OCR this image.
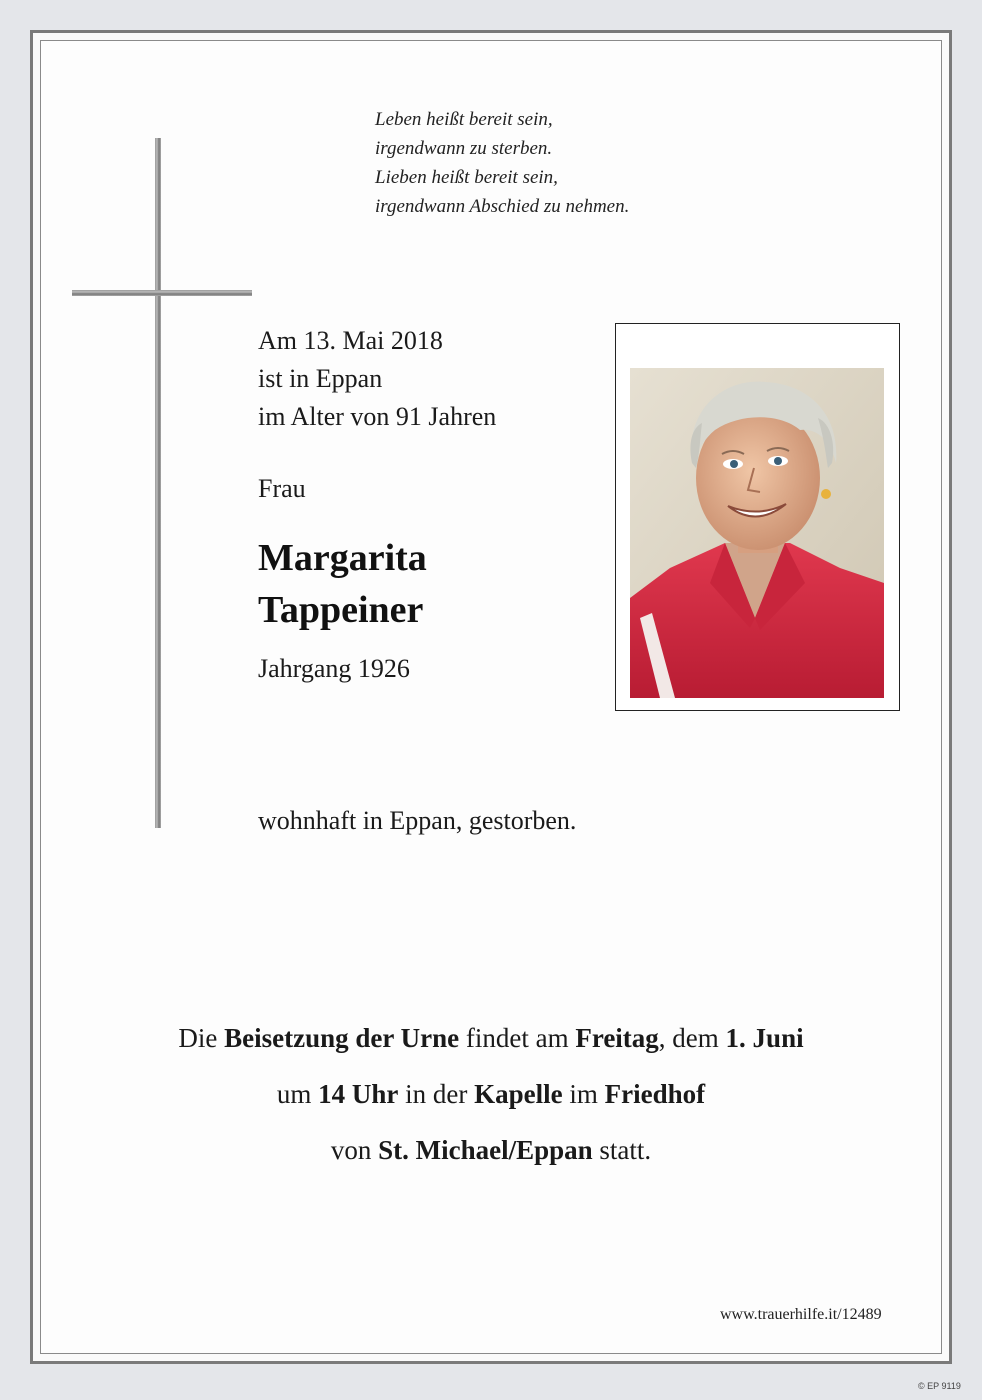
Leben heißt bereit sein,
irgendwann zu sterben.
Lieben heißt bereit sein,
irgendwann Abschied zu nehmen.
Am 13. Mai 2018
ist in Eppan
im Alter von 91 Jahren
Frau
Margarita
Tappeiner
Jahrgang 1926
wohnhaft in Eppan, gestorben.
Die Beisetzung der Urne findet am Freitag, dem 1. Juni
um 14 Uhr in der Kapelle im Friedhof
von St. Michael/Eppan statt.
www.trauerhilfe.it/12489
© EP 9119
